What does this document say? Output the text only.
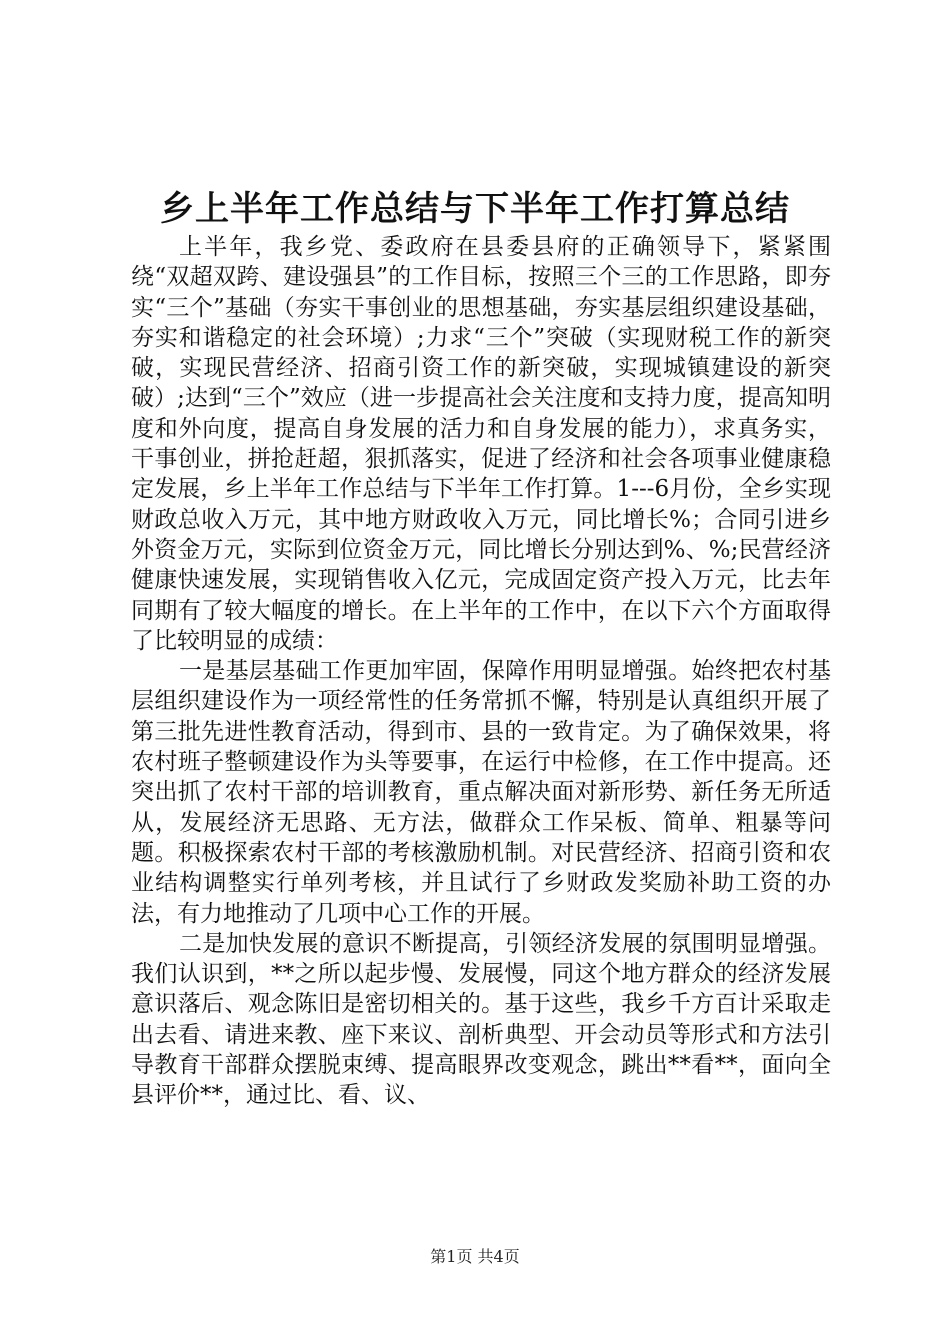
乡上半年工作总结与下半年工作打算总结

上半年，我乡党、委政府在县委县府的正确领导下，紧紧围绕“双超双跨、建设强县”的工作目标，按照三个三的工作思路，即夯实“三个”基础（夯实干事创业的思想基础，夯实基层组织建设基础，夯实和谐稳定的社会环境）;力求“三个”突破（实现财税工作的新突破，实现民营经济、招商引资工作的新突破，实现城镇建设的新突破）;达到“三个”效应（进一步提高社会关注度和支持力度，提高知明度和外向度，提高自身发展的活力和自身发展的能力），求真务实，干事创业，拼抢赶超，狠抓落实，促进了经济和社会各项事业健康稳定发展，乡上半年工作总结与下半年工作打算。1---6月份，全乡实现财政总收入万元，其中地方财政收入万元，同比增长%；合同引进乡外资金万元，实际到位资金万元，同比增长分别达到%、%;民营经济健康快速发展，实现销售收入亿元，完成固定资产投入万元，比去年同期有了较大幅度的增长。在上半年的工作中，在以下六个方面取得了比较明显的成绩：

一是基层基础工作更加牢固，保障作用明显增强。始终把农村基层组织建设作为一项经常性的任务常抓不懈，特别是认真组织开展了第三批先进性教育活动，得到市、县的一致肯定。为了确保效果，将农村班子整顿建设作为头等要事，在运行中检修，在工作中提高。还突出抓了农村干部的培训教育，重点解决面对新形势、新任务无所适从，发展经济无思路、无方法，做群众工作呆板、简单、粗暴等问题。积极探索农村干部的考核激励机制。对民营经济、招商引资和农业结构调整实行单列考核，并且试行了乡财政发奖励补助工资的办法，有力地推动了几项中心工作的开展。

二是加快发展的意识不断提高，引领经济发展的氛围明显增强。我们认识到，**之所以起步慢、发展慢，同这个地方群众的经济发展意识落后、观念陈旧是密切相关的。基于这些，我乡千方百计采取走出去看、请进来教、座下来议、剖析典型、开会动员等形式和方法引导教育干部群众摆脱束缚、提高眼界改变观念，跳出**看**，面向全县评价**，通过比、看、议、

第1页 共4页
